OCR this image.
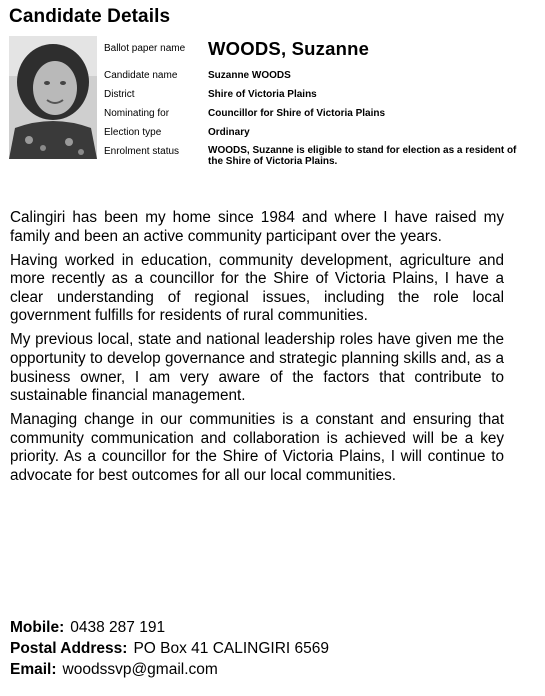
Candidate Details
Ballot paper name	WOODS, Suzanne
Candidate name	Suzanne WOODS
District	Shire of Victoria Plains
Nominating for	Councillor for Shire of Victoria Plains
Election type	Ordinary
Enrolment status	WOODS, Suzanne is eligible to stand for election as a resident of the Shire of Victoria Plains.

Calingiri has been my home since 1984 and where I have raised my family and been an active community participant over the years.

Having worked in education, community development, agriculture and more recently as a councillor for the Shire of Victoria Plains, I have a clear understanding of regional issues, including the role local government fulfills for residents of rural communities.

My previous local, state and national leadership roles have given me the opportunity to develop governance and strategic planning skills and, as a business owner, I am very aware of the factors that contribute to sustainable financial management.

Managing change in our communities is a constant and ensuring that community communication and collaboration is achieved will be a key priority. As a councillor for the Shire of Victoria Plains, I will continue to advocate for best outcomes for all our local communities.

Mobile: 0438 287 191
Postal Address: PO Box 41 CALINGIRI 6569
Email: woodssvp@gmail.com
